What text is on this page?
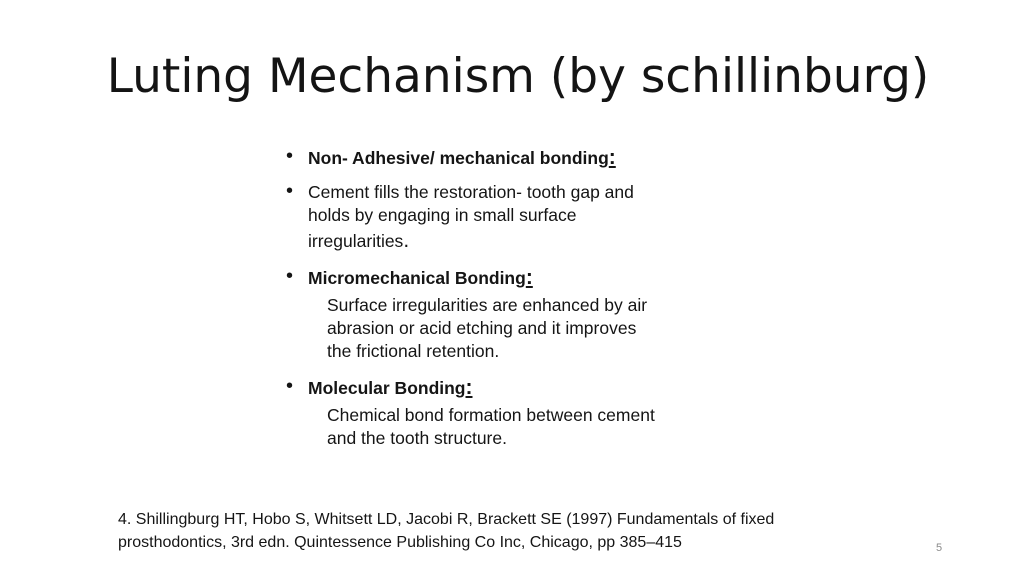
Luting Mechanism (by schillinburg)
• Non- Adhesive/ mechanical bonding:
• Cement fills the restoration- tooth gap and
holds by engaging in small surface
irregularities.
• Micromechanical Bonding:
Surface irregularities are enhanced by air
abrasion or acid etching and it improves
the frictional retention.
• Molecular Bonding:
Chemical bond formation between cement
and the tooth structure.
4. Shillingburg HT, Hobo S, Whitsett LD, Jacobi R, Brackett SE (1997) Fundamentals of fixed
prosthodontics, 3rd edn. Quintessence Publishing Co Inc, Chicago, pp 385–415	5
